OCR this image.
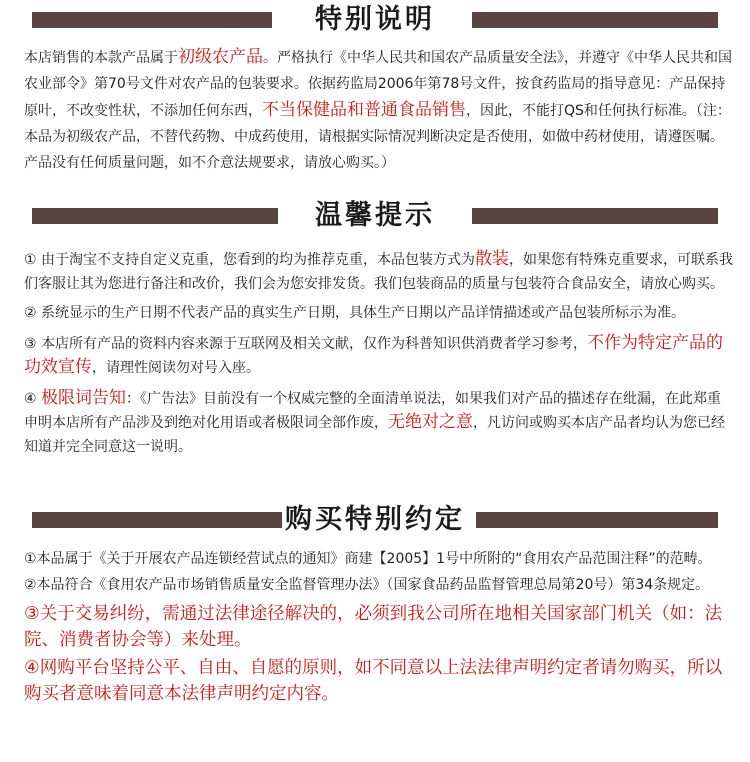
特别说明

本店销售的本款产品属于初级农产品。严格执行《中华人民共和国农产品质量安全法》，并遵守《中华人民共和国农业部令》第70号文件对农产品的包装要求。依据药监局2006年第78号文件，按食药监局的指导意见：产品保持原叶，不改变性状，不添加任何东西，不当保健品和普通食品销售，因此，不能打QS和任何执行标准。（注：本品为初级农产品，不替代药物、中成药使用，请根据实际情况判断决定是否使用，如做中药材使用，请遵医嘱。产品没有任何质量问题，如不介意法规要求，请放心购买。）

温馨提示

① 由于淘宝不支持自定义克重，您看到的均为推荐克重，本品包装方式为散装，如果您有特殊克重要求，可联系我们客服让其为您进行备注和改价，我们会为您安排发货。我们包装商品的质量与包装符合食品安全，请放心购买。

② 系统显示的生产日期不代表产品的真实生产日期，具体生产日期以产品详情描述或产品包装所标示为准。

③ 本店所有产品的资料内容来源于互联网及相关文献，仅作为科普知识供消费者学习参考，不作为特定产品的功效宣传，请理性阅读勿对号入座。

④ 极限词告知：《广告法》目前没有一个权威完整的全面清单说法，如果我们对产品的描述存在纰漏，在此郑重申明本店所有产品涉及到绝对化用语或者极限词全部作废，无绝对之意，凡访问或购买本店产品者均认为您已经知道并完全同意这一说明。

购买特别约定

①本品属于《关于开展农产品连锁经营试点的通知》商建【2005】1号中所附的“食用农产品范围注释”的范畴。

②本品符合《食用农产品市场销售质量安全监督管理办法》（国家食品药品监督管理总局第20号）第34条规定。

③关于交易纠纷，需通过法律途径解决的，必须到我公司所在地相关国家部门机关（如：法院、消费者协会等）来处理。

④网购平台坚持公平、自由、自愿的原则，如不同意以上法法律声明约定者请勿购买，所以购买者意味着同意本法律声明约定内容。
